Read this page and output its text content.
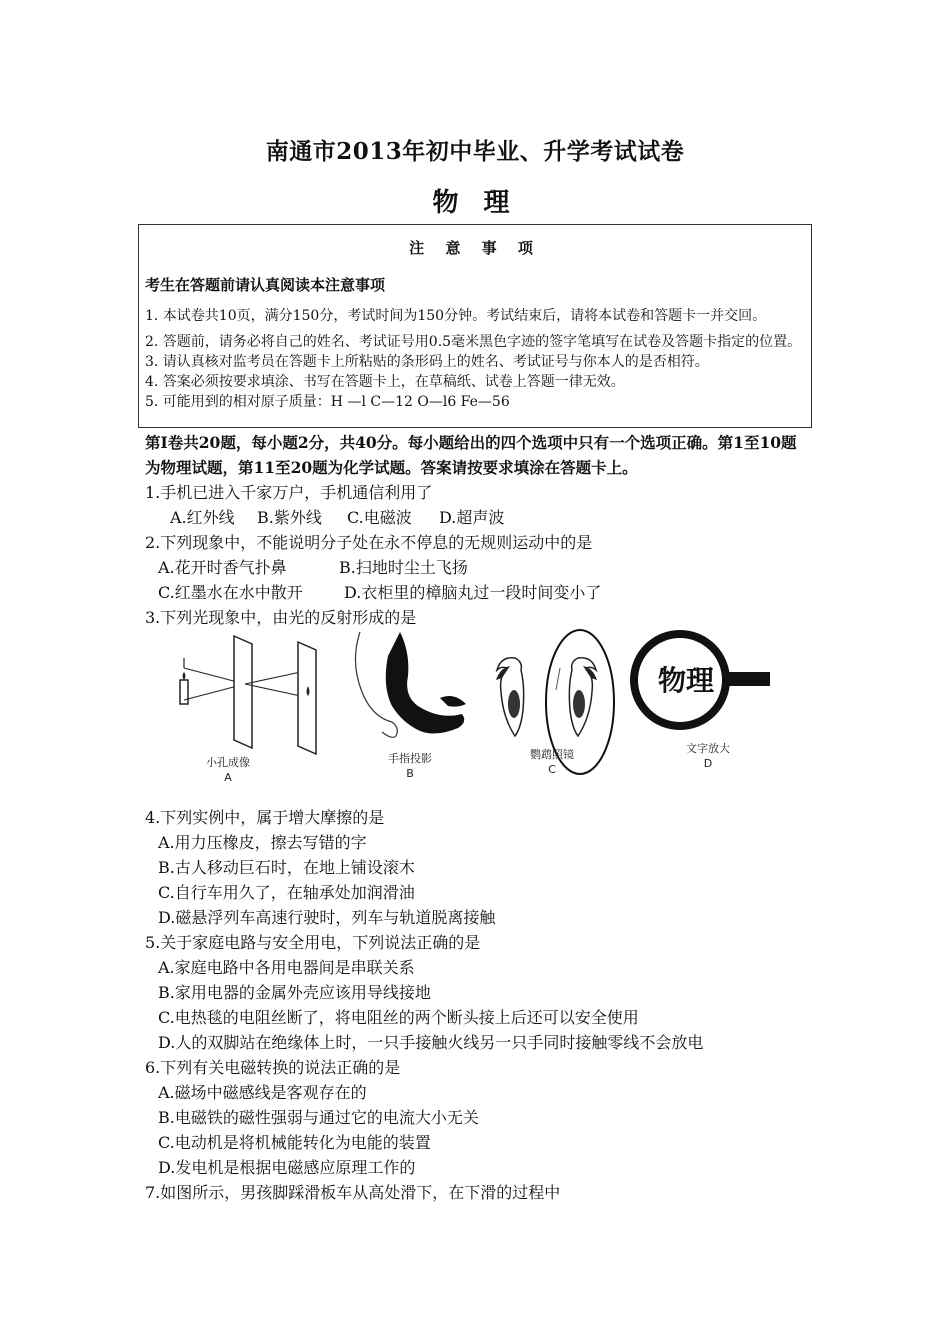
南通市2013年初中毕业、升学考试试卷
物 理
注 意 事 项
考生在答题前请认真阅读本注意事项
1. 本试卷共10页，满分150分，考试时间为150分钟。考试结束后，请将本试卷和答题卡一并交回。
2. 答题前，请务必将自己的姓名、考试证号用0.5毫米黑色字迹的签字笔填写在试卷及答题卡指定的位置。
3. 请认真核对监考员在答题卡上所粘贴的条形码上的姓名、考试证号与你本人的是否相符。
4. 答案必须按要求填涂、书写在答题卡上，在草稿纸、试卷上答题一律无效。
5. 可能用到的相对原子质量：H —l C—12 O—l6 Fe—56
第Ⅰ卷共20题，每小题2分，共40分。每小题给出的四个选项中只有一个选项正确。第1至10题为物理试题，第11至20题为化学试题。答案请按要求填涂在答题卡上。
1.手机已进入千家万户，手机通信利用了
A.红外线 B.紫外线 C.电磁波 D.超声波
2.下列现象中，不能说明分子处在永不停息的无规则运动中的是
A.花开时香气扑鼻	B.扫地时尘土飞扬
C.红墨水在水中散开	D.衣柜里的樟脑丸过一段时间变小了
3.下列光现象中，由光的反射形成的是
物理
小孔成像
A
手指投影
B
鹦鹉照镜
C
文字放大
D
4.下列实例中，属于增大摩擦的是
A.用力压橡皮，擦去写错的字
B.古人移动巨石时，在地上铺设滚木
C.自行车用久了，在轴承处加润滑油
D.磁悬浮列车高速行驶时，列车与轨道脱离接触
5.关于家庭电路与安全用电，下列说法正确的是
A.家庭电路中各用电器间是串联关系
B.家用电器的金属外壳应该用导线接地
C.电热毯的电阻丝断了，将电阻丝的两个断头接上后还可以安全使用
D.人的双脚站在绝缘体上时，一只手接触火线另一只手同时接触零线不会放电
6.下列有关电磁转换的说法正确的是
A.磁场中磁感线是客观存在的
B.电磁铁的磁性强弱与通过它的电流大小无关
C.电动机是将机械能转化为电能的装置
D.发电机是根据电磁感应原理工作的
7.如图所示，男孩脚踩滑板车从高处滑下，在下滑的过程中
